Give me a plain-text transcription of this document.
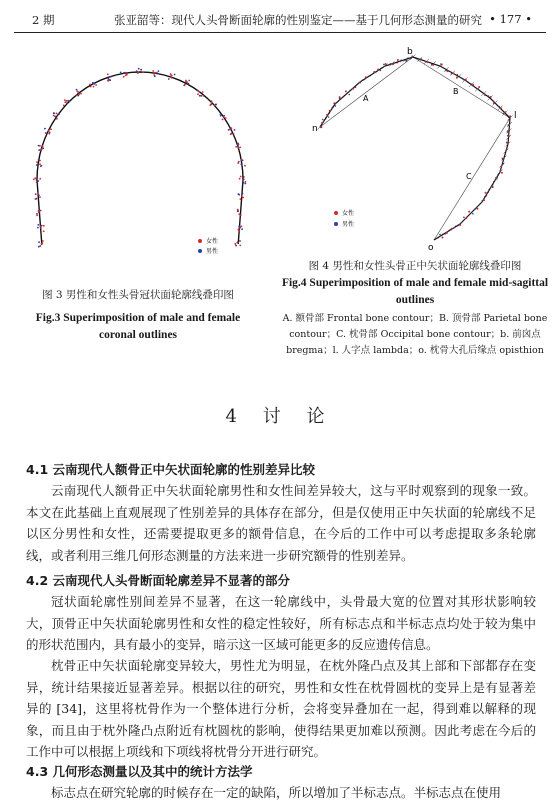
2 期	张亚韶等：现代人头骨断面轮廓的性别鉴定——基于几何形态测量的研究 • 177 •
女性
男性
图 3 男性和女性头骨冠状面轮廓线叠印图
Fig.3 Superimposition of male and female coronal outlines
b
n
l
o
A
B
C
女性
男性
图 4 男性和女性头骨正中矢状面轮廓线叠印图
Fig.4 Superimposition of male and female mid-sagittal outlines
A. 额骨部 Frontal bone contour；B. 顶骨部 Parietal bone contour；C. 枕骨部 Occipital bone contour；b. 前囟点 bregma；l. 人字点 lambda；o. 枕骨大孔后缘点 opisthion
4 讨 论
4.1 云南现代人额骨正中矢状面轮廓的性别差异比较

云南现代人额骨正中矢状面轮廓男性和女性间差异较大，这与平时观察到的现象一致。本文在此基础上直观展现了性别差异的具体存在部分，但是仅使用正中矢状面的轮廓线不足以区分男性和女性，还需要提取更多的额骨信息，在今后的工作中可以考虑提取多条轮廓线，或者利用三维几何形态测量的方法来进一步研究额骨的性别差异。

4.2 云南现代人头骨断面轮廓差异不显著的部分

冠状面轮廓性别间差异不显著，在这一轮廓线中，头骨最大宽的位置对其形状影响较大，顶骨正中矢状面轮廓男性和女性的稳定性较好，所有标志点和半标志点均处于较为集中的形状范围内，具有最小的变异，暗示这一区域可能更多的反应遗传信息。

枕骨正中矢状面轮廓变异较大，男性尤为明显，在枕外隆凸点及其上部和下部都存在变异，统计结果接近显著差异。根据以往的研究，男性和女性在枕骨圆枕的变异上是有显著差异的 [34]，这里将枕骨作为一个整体进行分析，会将变异叠加在一起，得到难以解释的现象，而且由于枕外隆凸点附近有枕圆枕的影响，使得结果更加难以预测。因此考虑在今后的工作中可以根据上项线和下项线将枕骨分开进行研究。

4.3 几何形态测量以及其中的统计方法学

标志点在研究轮廓的时候存在一定的缺陷，所以增加了半标志点。半标志点在使用
